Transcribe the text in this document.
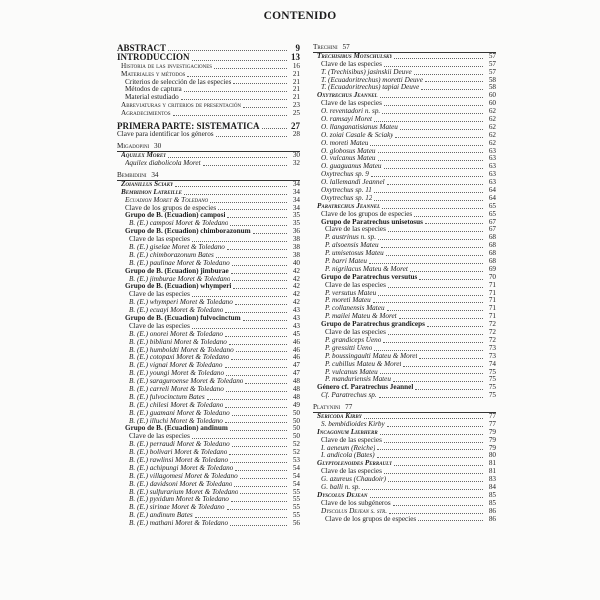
CONTENIDO
ABSTRACT	9
INTRODUCCIÓN	13
Historia de las investigaciones	16
Materiales y métodos	21
Criterios de selección de las especies	21
Métodos de captura	21
Material estudiado	21
Abreviaturas y criterios de presentación	23
Agradecimientos	25
PRIMERA PARTE: SISTEMÁTICA	27
Clave para identificar los géneros	28
Migadopini 30
Aquilex Moret	30
Aquilex diabolicola Moret	32
Bembidiini 34
Zoianillus Sciaky	34
Bembidion Latreille	34
Ecuadion Moret & Toledano	34
Clave de los grupos de especies	34
Grupo de B. (Ecuadion) camposi	35
B. (E.) camposi Moret & Toledano	35
Grupo de B. (Ecuadion) chimborazonum	36
Clave de las especies	38
B. (E.) giselae Moret & Toledano	38
B. (E.) chimborazonum Bates	38
B. (E.) paulinae Moret & Toledano	40
Grupo de B. (Ecuadion) jimburae	42
B. (E.) jimburae Moret & Toledano	42
Grupo de B. (Ecuadion) whymperi	42
Clave de las especies	42
B. (E.) whymperi Moret & Toledano	42
B. (E.) ecuayi Moret & Toledano	43
Grupo de B. (Ecuadion) fulvocinctum	43
Clave de las especies	43
B. (E.) onorei Moret & Toledano	45
B. (E.) bibliani Moret & Toledano	46
B. (E.) humboldti Moret & Toledano	46
B. (E.) cotopaxi Moret & Toledano	46
B. (E.) vignai Moret & Toledano	47
B. (E.) youngi Moret & Toledano	47
B. (E.) saraguroense Moret & Toledano	48
B. (E.) carreli Moret & Toledano	48
B. (E.) fulvocinctum Bates	48
B. (E.) chilesi Moret & Toledano	49
B. (E.) guamani Moret & Toledano	50
B. (E.) illuchi Moret & Toledano	50
Grupo de B. (Ecuadion) andinum	50
Clave de las especies	50
B. (E.) perraudi Moret & Toledano	52
B. (E.) bolivari Moret & Toledano	52
B. (E.) rawlinsi Moret & Toledano	53
B. (E.) achipungi Moret & Toledano	54
B. (E.) villagomesi Moret & Toledano	54
B. (E.) davidsoni Moret & Toledano	54
B. (E.) sulfurarium Moret & Toledano	55
B. (E.) pyxidum Moret & Toledano	55
B. (E.) sirinae Moret & Toledano	55
B. (E.) andinum Bates	55
B. (E.) mathani Moret & Toledano	56
Trechini 57
Trechisibus Motschulsky	57
Clave de las especies	57
T. (Trechisibus) jasinskii Deuve	57
T. (Ecuadoritrechus) moretti Deuve	58
T. (Ecuadoritrechus) tapiai Deuve	58
Oxytrechus Jeannel	60
Clave de las especies	60
O. reventadori n. sp.	62
O. ramsayi Moret	62
O. llanganatisianus Mateu	62
O. zoiai Casale & Sciaky	62
O. moreti Mateu	62
O. globosus Mateu	63
O. vulcanus Mateu	63
O. guaguanus Mateu	63
Oxytrechus sp. 9	63
O. lallemandi Jeannel	63
Oxytrechus sp. 11	64
Oxytrechus sp. 12	64
Paratrechus Jeannel	65
Clave de los grupos de especies	65
Grupo de Paratrechus unisetosus	67
Clave de las especies	67
P. austrinus n. sp.	68
P. alsoensis Mateu	68
P. umisetosus Mateu	68
P. barri Mateu	68
P. nigrilacus Mateu & Moret	69
Grupo de Paratrechus versutus	70
Clave de las especies	71
P. versutus Mateu	71
P. moreti Mateu	71
P. collanensis Mateu	71
P. mailei Mateu & Moret	71
Grupo de Paratrechus grandiceps	72
Clave de las especies	72
P. grandiceps Ueno	72
P. gressitti Ueno	73
P. boussingaulti Mateu & Moret	73
P. cubillus Mateu & Moret	74
P. vulcanus Mateu	75
P. manduriensis Mateu	75
Género cf. Paratrechus Jeannel	75
Cf. Paratrechus sp.	75
Platynini 77
Sericoda Kirby	77
S. bembidioides Kirby	77
Incagonum Liebherr	79
Clave de las especies	79
I. aeneum (Reiche)	79
I. andicola (Bates)	80
Glyptolenoides Perrault	81
Clave de las especies	81
G. azureus (Chaudoir)	83
G. balli n. sp.	84
Dyscolus Dejean	85
Clave de los subgéneros	85
Dyscolus Dejean s. str.	86
Clave de los grupos de especies	86
